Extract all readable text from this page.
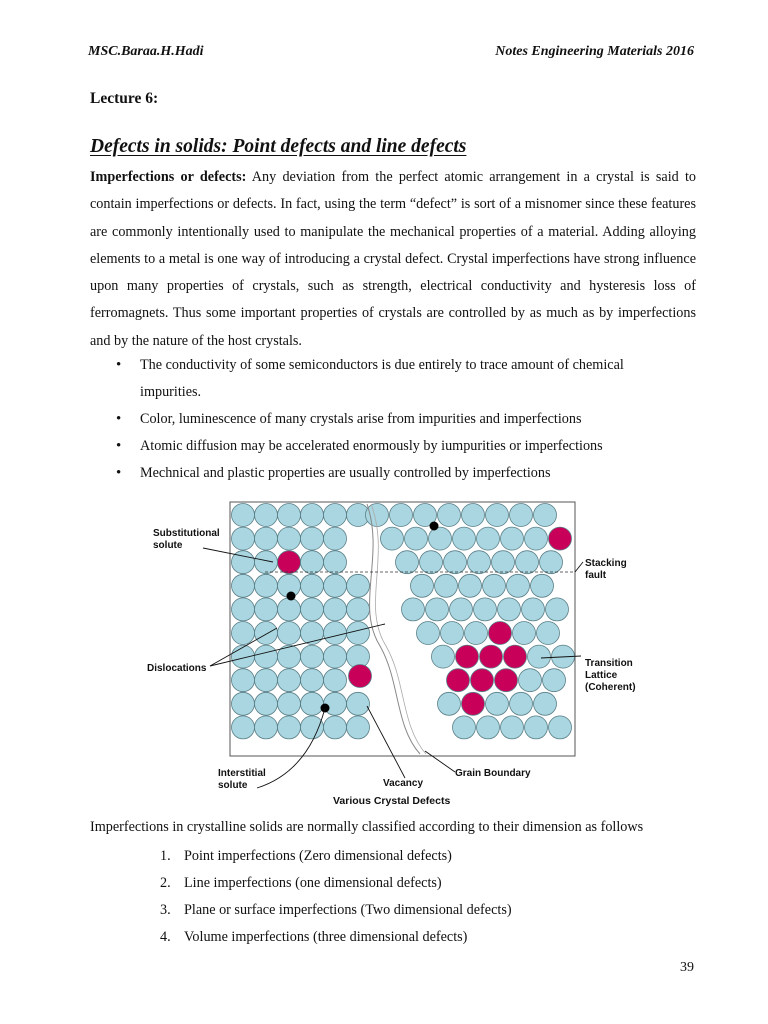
MSC.Baraa.H.Hadi	Notes Engineering Materials 2016
Lecture 6:
Defects in solids: Point defects and line defects

Imperfections or defects: Any deviation from the perfect atomic arrangement in a crystal is said to contain imperfections or defects. In fact, using the term “defect” is sort of a misnomer since these features are commonly intentionally used to manipulate the mechanical properties of a material. Adding alloying elements to a metal is one way of introducing a crystal defect. Crystal imperfections have strong influence upon many properties of crystals, such as strength, electrical conductivity and hysteresis loss of ferromagnets. Thus some important properties of crystals are controlled by as much as by imperfections and by the nature of the host crystals.

• The conductivity of some semiconductors is due entirely to trace amount of chemical impurities.
• Color, luminescence of many crystals arise from impurities and imperfections
• Atomic diffusion may be accelerated enormously by iumpurities or imperfections
• Mechnical and plastic properties are usually controlled by imperfections
Substitutional
solute
Dislocations
Interstitial
solute	Vacancy
Grain Boundary
Stacking
fault
Transition
Lattice
(Coherent)
Various Crystal Defects

Imperfections in crystalline solids are normally classified according to their dimension as follows

1. Point imperfections (Zero dimensional defects)
2. Line imperfections (one dimensional defects)
3. Plane or surface imperfections (Two dimensional defects)
4. Volume imperfections (three dimensional defects)
39
